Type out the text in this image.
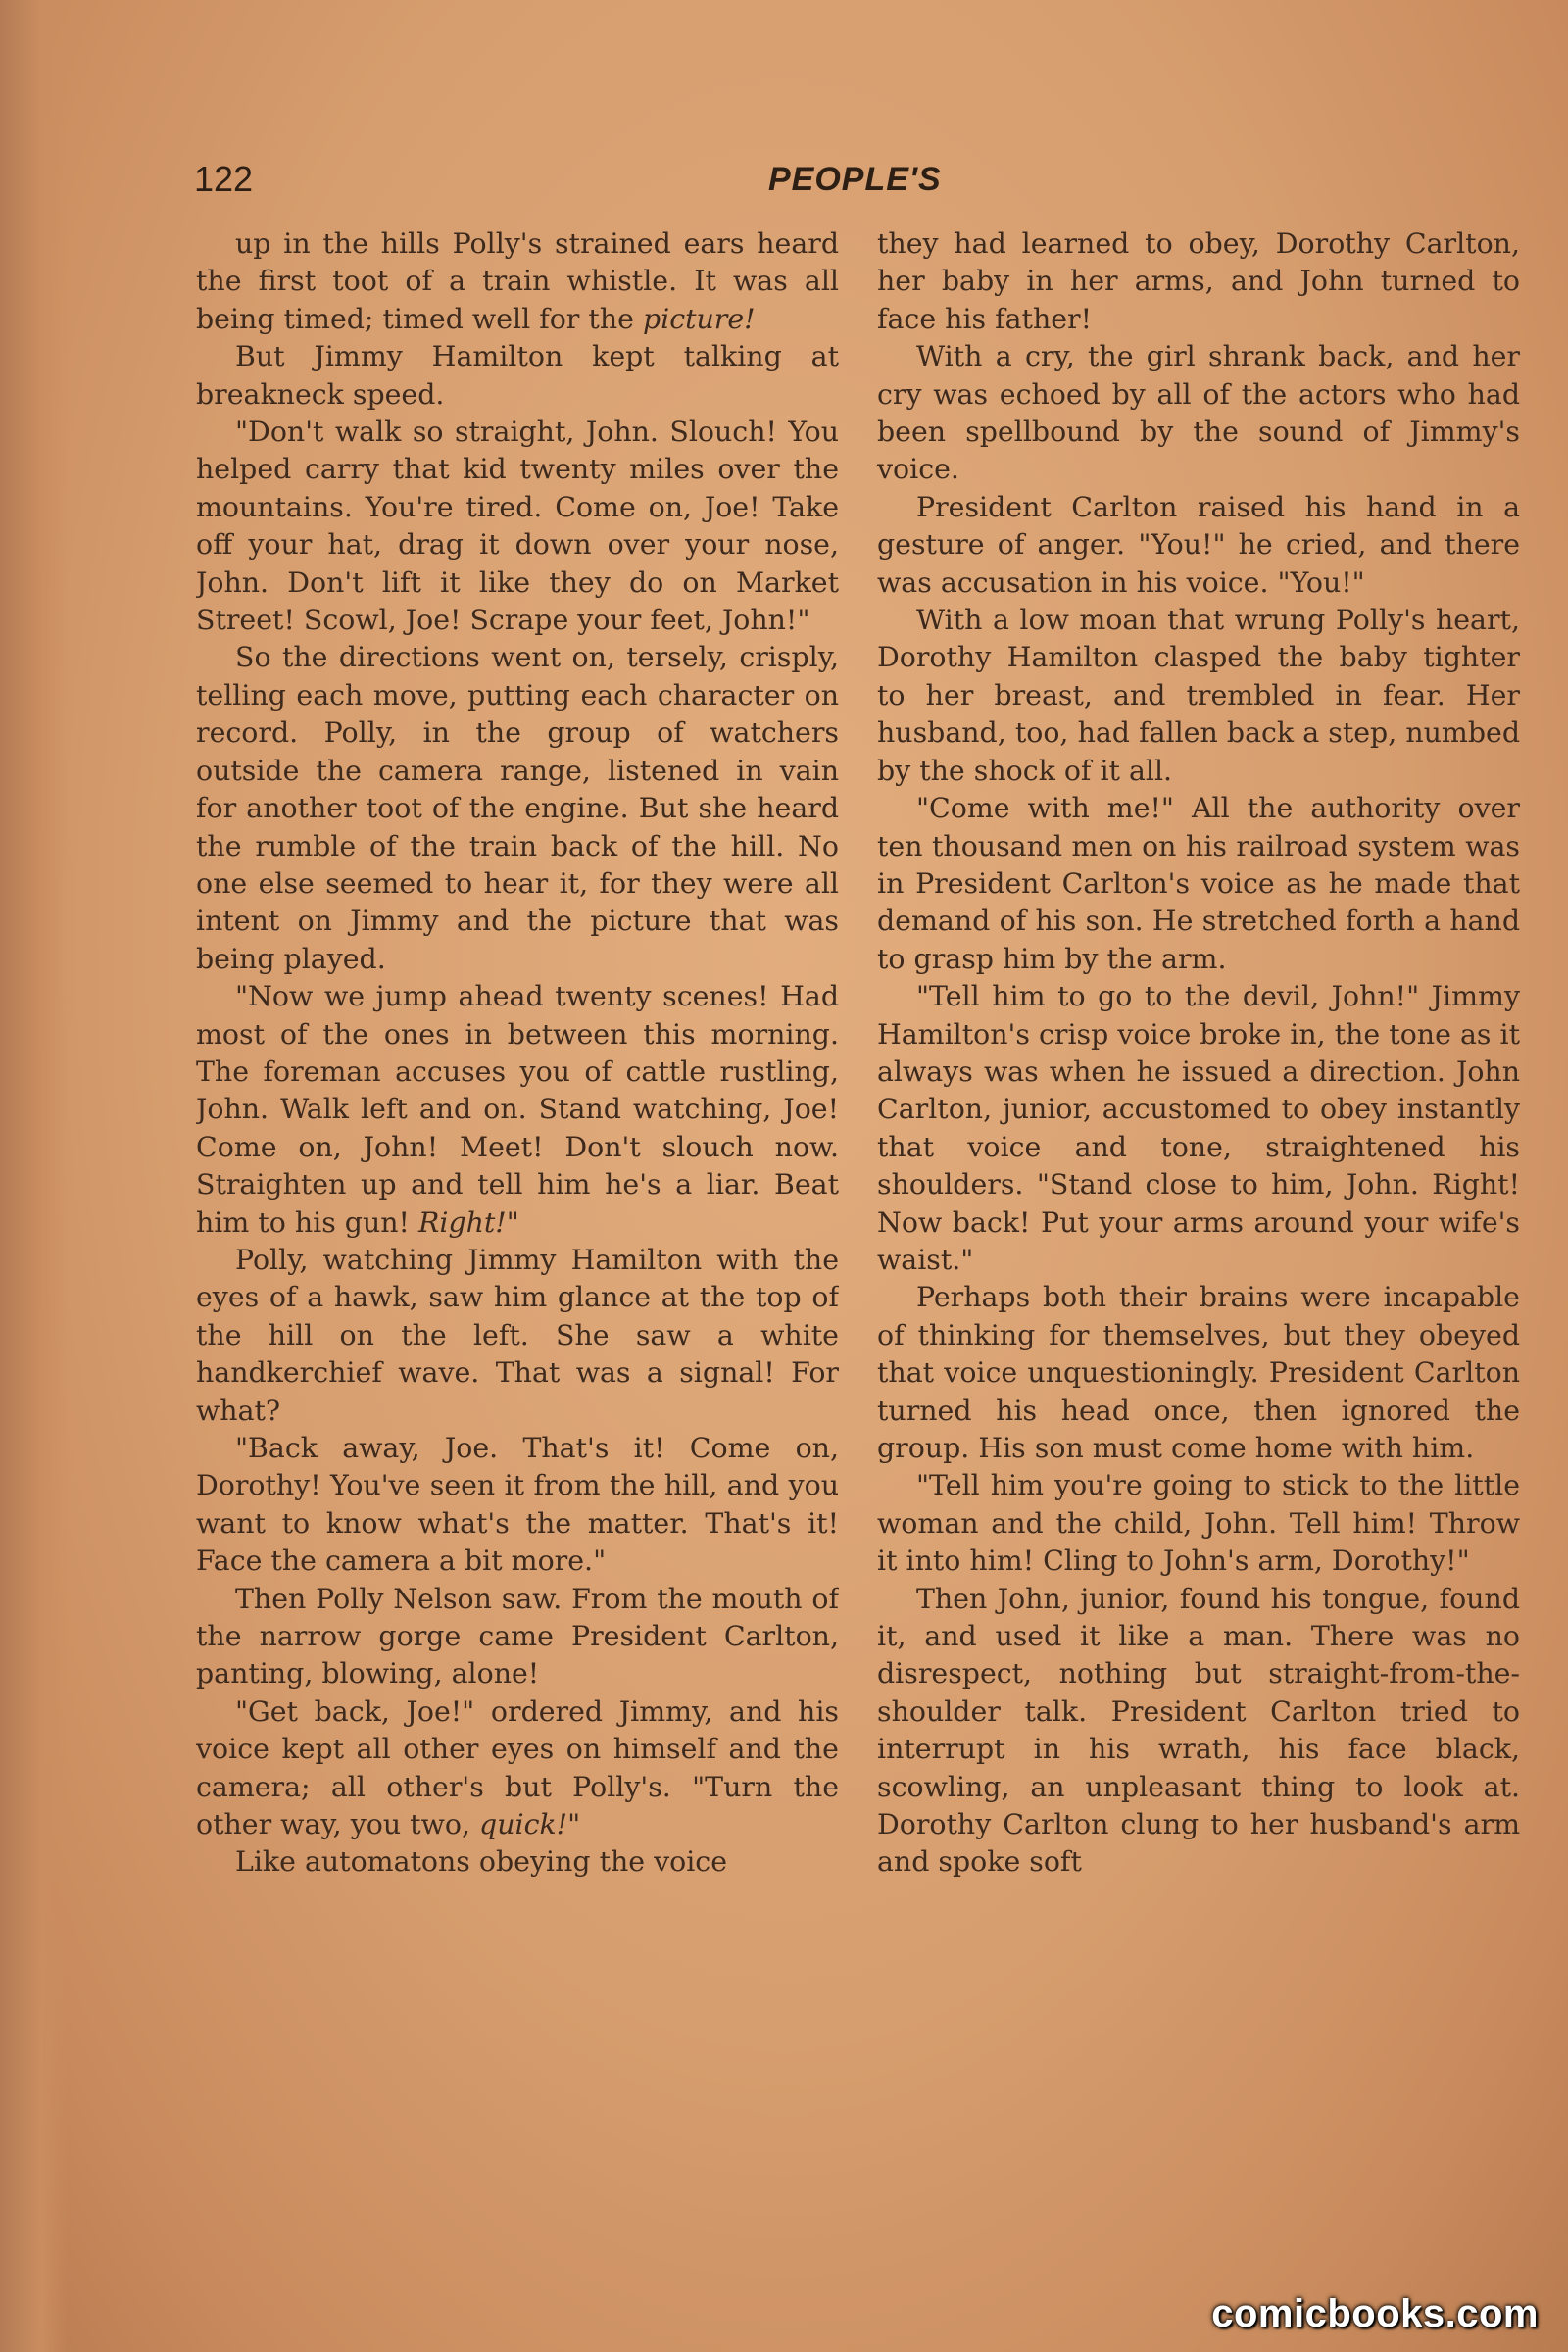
122	PEOPLE'S

up in the hills Polly's strained ears heard the first toot of a train whistle. It was all being timed; timed well for the picture!

But Jimmy Hamilton kept talking at breakneck speed.

"Don't walk so straight, John. Slouch! You helped carry that kid twenty miles over the mountains. You're tired. Come on, Joe! Take off your hat, drag it down over your nose, John. Don't lift it like they do on Market Street! Scowl, Joe! Scrape your feet, John!"

So the directions went on, tersely, crisply, telling each move, putting each character on record. Polly, in the group of watchers outside the camera range, listened in vain for another toot of the engine. But she heard the rumble of the train back of the hill. No one else seemed to hear it, for they were all intent on Jimmy and the picture that was being played.

"Now we jump ahead twenty scenes! Had most of the ones in between this morning. The foreman accuses you of cattle rustling, John. Walk left and on. Stand watching, Joe! Come on, John! Meet! Don't slouch now. Straighten up and tell him he's a liar. Beat him to his gun! Right!"

Polly, watching Jimmy Hamilton with the eyes of a hawk, saw him glance at the top of the hill on the left. She saw a white handkerchief wave. That was a signal! For what?

"Back away, Joe. That's it! Come on, Dorothy! You've seen it from the hill, and you want to know what's the matter. That's it! Face the camera a bit more."

Then Polly Nelson saw. From the mouth of the narrow gorge came President Carlton, panting, blowing, alone!

"Get back, Joe!" ordered Jimmy, and his voice kept all other eyes on himself and the camera; all other's but Polly's. "Turn the other way, you two, quick!"

Like automatons obeying the voice

they had learned to obey, Dorothy Carlton, her baby in her arms, and John turned to face his father!

With a cry, the girl shrank back, and her cry was echoed by all of the actors who had been spellbound by the sound of Jimmy's voice.

President Carlton raised his hand in a gesture of anger. "You!" he cried, and there was accusation in his voice. "You!"

With a low moan that wrung Polly's heart, Dorothy Hamilton clasped the baby tighter to her breast, and trembled in fear. Her husband, too, had fallen back a step, numbed by the shock of it all.

"Come with me!" All the authority over ten thousand men on his railroad system was in President Carlton's voice as he made that demand of his son. He stretched forth a hand to grasp him by the arm.

"Tell him to go to the devil, John!" Jimmy Hamilton's crisp voice broke in, the tone as it always was when he issued a direction. John Carlton, junior, accustomed to obey instantly that voice and tone, straightened his shoulders. "Stand close to him, John. Right! Now back! Put your arms around your wife's waist."

Perhaps both their brains were incapable of thinking for themselves, but they obeyed that voice unquestioningly. President Carlton turned his head once, then ignored the group. His son must come home with him.

"Tell him you're going to stick to the little woman and the child, John. Tell him! Throw it into him! Cling to John's arm, Dorothy!"

Then John, junior, found his tongue, found it, and used it like a man. There was no disrespect, nothing but straight-from-the-shoulder talk. President Carlton tried to interrupt in his wrath, his face black, scowling, an unpleasant thing to look at. Dorothy Carlton clung to her husband's arm and spoke soft

comicbooks.com
